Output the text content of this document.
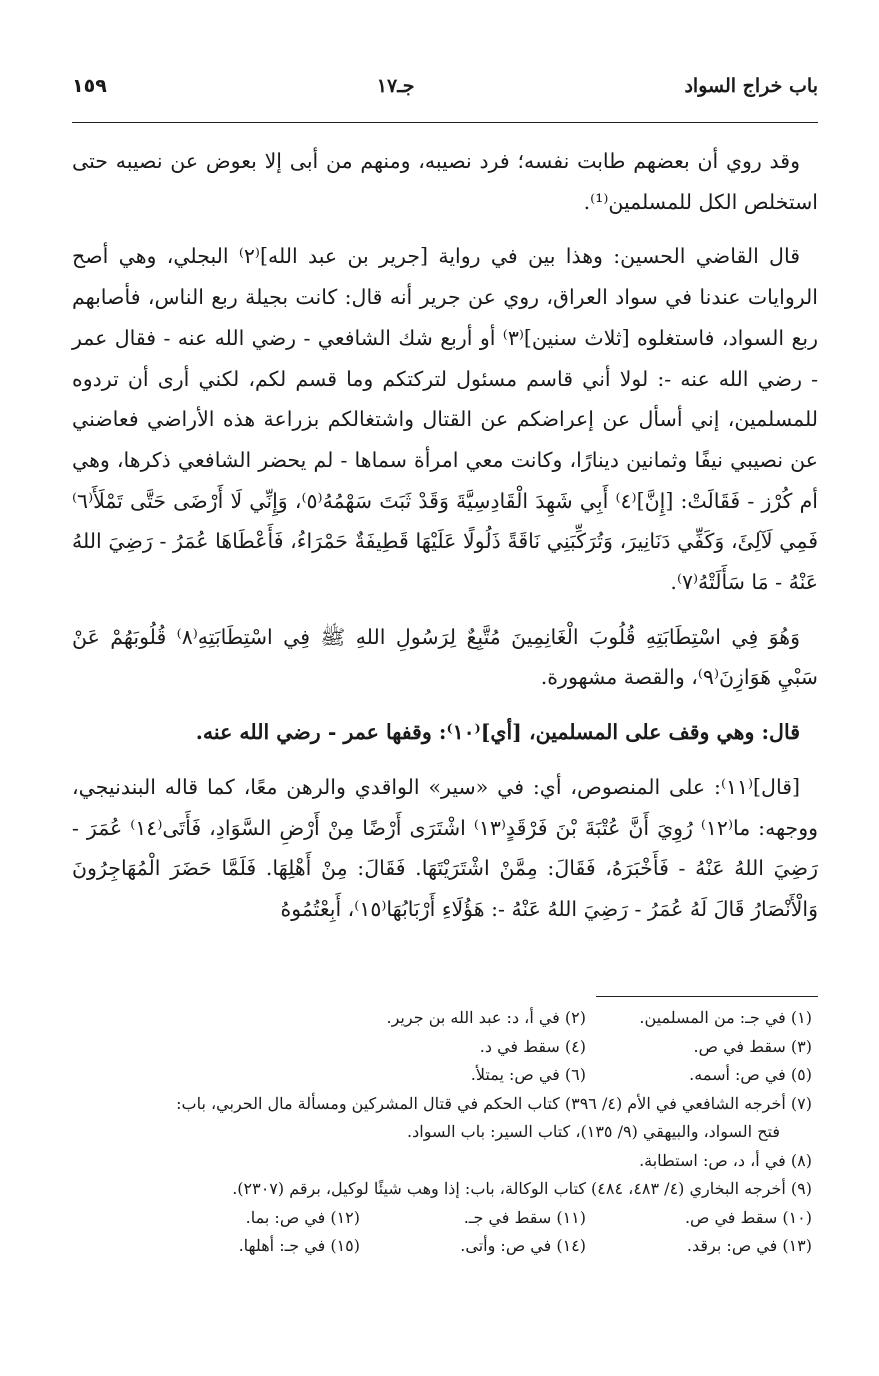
باب خراج السواد
جـ١٧
١٥٩

وقد روي أن بعضهم طابت نفسه؛ فرد نصيبه، ومنهم من أبى إلا بعوض عن نصيبه حتى استخلص الكل للمسلمين⁽¹⁾.

قال القاضي الحسين: وهذا بين في رواية [جرير بن عبد الله]⁽٢⁾ البجلي، وهي أصح الروايات عندنا في سواد العراق، روي عن جرير أنه قال: كانت بجيلة ربع الناس، فأصابهم ربع السواد، فاستغلوه [ثلاث سنين]⁽٣⁾ أو أربع شك الشافعي - رضي الله عنه - فقال عمر - رضي الله عنه -: لولا أني قاسم مسئول لتركتكم وما قسم لكم، لكني أرى أن تردوه للمسلمين، إني أسأل عن إعراضكم عن القتال واشتغالكم بزراعة هذه الأراضي فعاضني عن نصيبي نيفًا وثمانين دينارًا، وكانت معي امرأة سماها - لم يحضر الشافعي ذكرها، وهي أم كُرْز - فَقَالَتْ: [إِنَّ]⁽٤⁾ أَبِي شَهِدَ الْقَادِسِيَّةَ وَقَدْ ثَبَتَ سَهْمُهُ⁽٥⁾، وَإِنِّي لَا أَرْضَى حَتَّى تَمْلَأَ⁽٦⁾ فَمِي لَآلِئَ، وَكَفِّي دَنَانِيرَ، وَتُرَكِّبَنِي نَاقَةً ذَلُولًا عَلَيْهَا قَطِيفَةٌ حَمْرَاءُ، فَأَعْطَاهَا عُمَرُ - رَضِيَ اللهُ عَنْهُ - مَا سَأَلَتْهُ⁽٧⁾.

وَهُوَ فِي اسْتِطَابَتِهِ قُلُوبَ الْغَانِمِينَ مُتَّبِعٌ لِرَسُولِ اللهِ ﷺ فِي اسْتِطَابَتِهِ⁽٨⁾ قُلُوبَهُمْ عَنْ سَبْيِ هَوَازِنَ⁽٩⁾، والقصة مشهورة.

قال: وهي وقف على المسلمين، [أي]⁽١٠⁾: وقفها عمر - رضي الله عنه.

[قال]⁽١١⁾: على المنصوص، أي: في «سير» الواقدي والرهن معًا، كما قاله البندنيجي، ووجهه: ما⁽١٢⁾ رُوِيَ أَنَّ عُتْبَةَ بْنَ فَرْقَدٍ⁽١٣⁾ اشْتَرَى أَرْضًا مِنْ أَرْضِ السَّوَادِ، فَأَتَى⁽١٤⁾ عُمَرَ - رَضِيَ اللهُ عَنْهُ - فَأَخْبَرَهُ، فَقَالَ: مِمَّنْ اشْتَرَيْتَهَا. فَقَالَ: مِنْ أَهْلِهَا. فَلَمَّا حَضَرَ الْمُهَاجِرُونَ وَالْأَنْصَارُ قَالَ لَهُ عُمَرُ - رَضِيَ اللهُ عَنْهُ -: هَؤُلَاءِ أَرْبَابُهَا⁽١٥⁾، أَبِعْتُمُوهُ

(١) في جـ: من المسلمين.
(٢) في أ، د: عبد الله بن جرير.
(٣) سقط في ص.
(٤) سقط في د.
(٥) في ص: أسمه.
(٦) في ص: يمتلأ.
(٧) أخرجه الشافعي في الأم (٤/ ٣٩٦) كتاب الحكم في قتال المشركين ومسألة مال الحربي، باب:
فتح السواد، والبيهقي (٩/ ١٣٥)، كتاب السير: باب السواد.
(٨) في أ، د، ص: استطابة.
(٩) أخرجه البخاري (٤/ ٤٨٣، ٤٨٤) كتاب الوكالة، باب: إذا وهب شيئًا لوكيل، برقم (٢٣٠٧).
(١٠) سقط في ص.
(١١) سقط في جـ.
(١٢) في ص: بما.
(١٣) في ص: برقد.
(١٤) في ص: وأتى.
(١٥) في جـ: أهلها.
